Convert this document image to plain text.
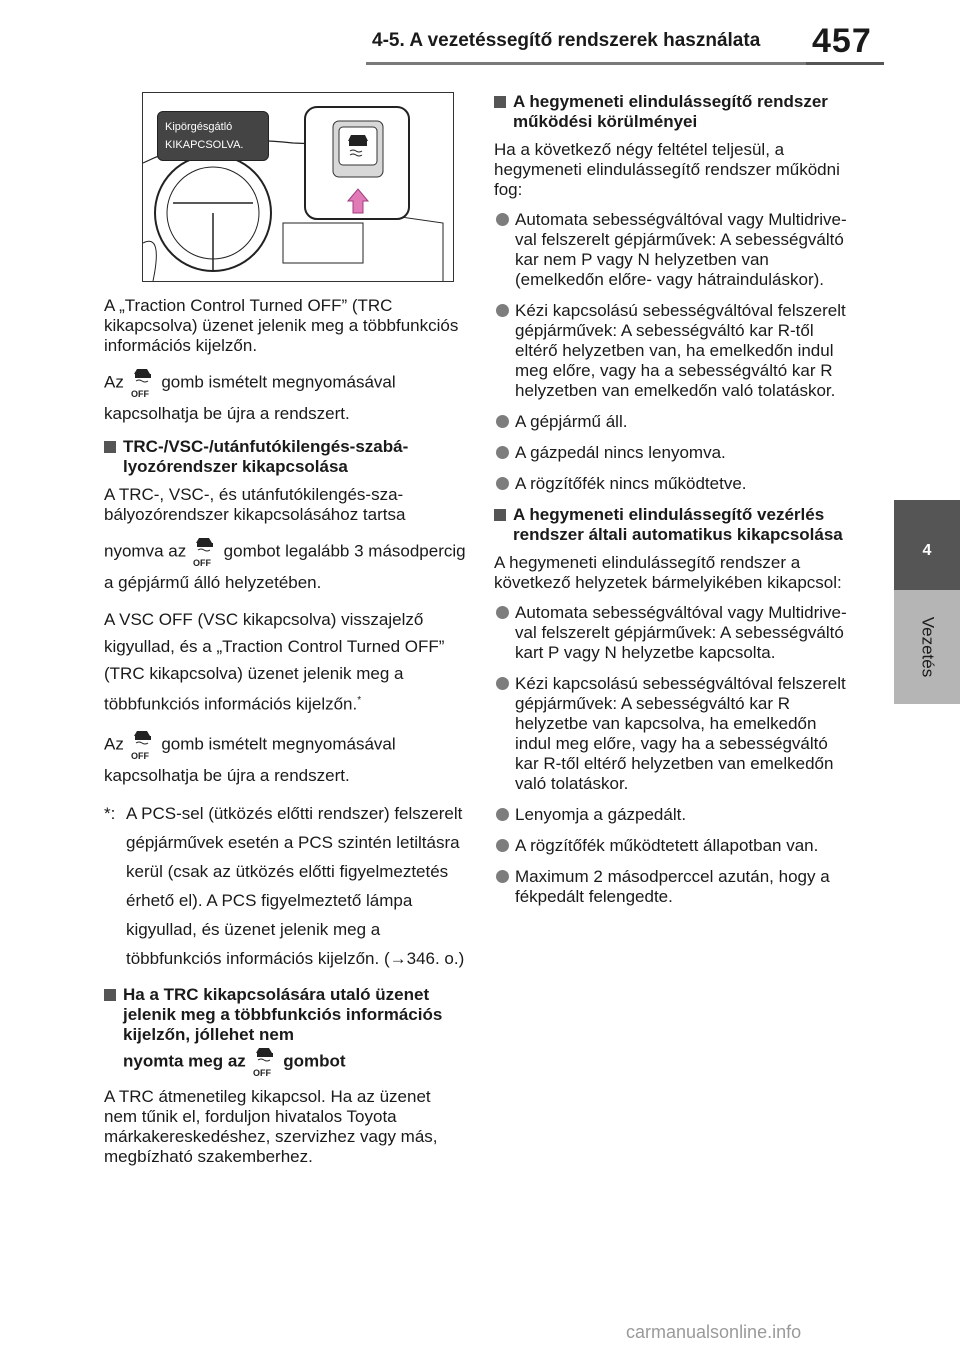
4-5. A vezetéssegítő rendszerek használata 457
4
Vezetés
Kipörgésgátló
KIKAPCSOLVA.

A „Traction Control Turned OFF” (TRC kikapcsolva) üzenet jelenik meg a többfunkciós információs kijelzőn.

Az
OFF
gomb ismételt megnyomásával kapcsolhatja be újra a rendszert.

TRC-/VSC-/utánfutókilengés-szabályozórendszer kikapcsolása

A TRC-, VSC-, és utánfutókilengés-szabályozórendszer kikapcsolásához tartsa

nyomva az
OFF
gombot legalább 3 másodpercig a gépjármű álló helyzetében.

A VSC OFF (VSC kikapcsolva) visszajelző kigyullad, és a „Traction Control Turned OFF” (TRC kikapcsolva) üzenet jelenik meg a többfunkciós információs kijelzőn.*

Az
OFF
gomb ismételt megnyomásával kapcsolhatja be újra a rendszert.

*: A PCS-sel (ütközés előtti rendszer) felszerelt gépjárművek esetén a PCS szintén letiltásra kerül (csak az ütközés előtti figyelmeztetés érhető el). A PCS figyelmeztető lámpa kigyullad, és üzenet jelenik meg a többfunkciós információs kijelzőn. (→346. o.)
Ha a TRC kikapcsolására utaló üzenet jelenik meg a többfunkciós információs kijelzőn, jóllehet nem
nyomta meg az
OFF
gombot

A TRC átmenetileg kikapcsol. Ha az üzenet nem tűnik el, forduljon hivatalos Toyota márkakereskedéshez, szervizhez vagy más, megbízható szakemberhez.

A hegymeneti elindulássegítő rendszer működési körülményei

Ha a következő négy feltétel teljesül, a hegymeneti elindulássegítő rendszer működni fog:

Automata sebességváltóval vagy Multidrive-val felszerelt gépjárművek: A sebességváltó kar nem P vagy N helyzetben van (emelkedőn előre- vagy hátrainduláskor).
Kézi kapcsolású sebességváltóval felszerelt gépjárművek: A sebességváltó kar R-től eltérő helyzetben van, ha emelkedőn indul meg előre, vagy ha a sebességváltó kar R helyzetben van emelkedőn való tolatáskor.
A gépjármű áll.
A gázpedál nincs lenyomva.
A rögzítőfék nincs működtetve.
A hegymeneti elindulássegítő vezérlés rendszer általi automatikus kikapcsolása

A hegymeneti elindulássegítő rendszer a következő helyzetek bármelyikében kikapcsol:

Automata sebességváltóval vagy Multidrive-val felszerelt gépjárművek: A sebességváltó kart P vagy N helyzetbe kapcsolta.
Kézi kapcsolású sebességváltóval felszerelt gépjárművek: A sebességváltó kar R helyzetbe van kapcsolva, ha emelkedőn indul meg előre, vagy ha a sebességváltó kar R-től eltérő helyzetben van emelkedőn való tolatáskor.
Lenyomja a gázpedált.
A rögzítőfék működtetett állapotban van.
Maximum 2 másodperccel azután, hogy a fékpedált felengedte.
carmanualsonline.info
